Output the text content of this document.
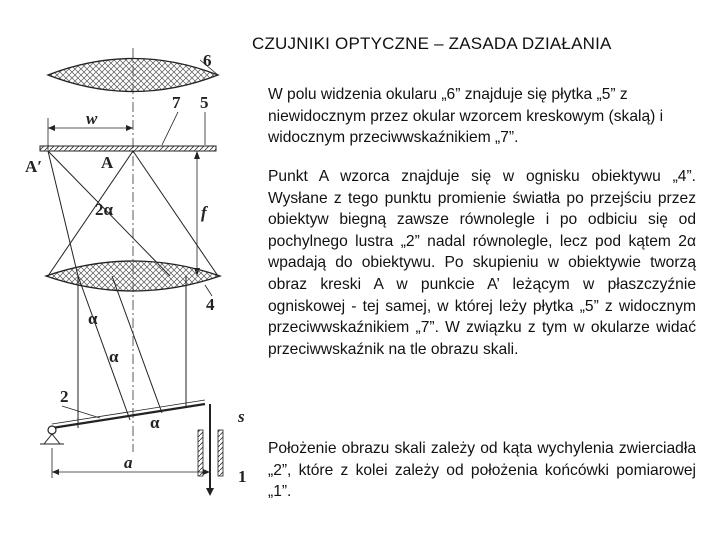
6
7 5
w
A′	A
2α	f
4
α
α
α
2
s
1
a
CZUJNIKI OPTYCZNE – ZASADA DZIAŁANIA

W polu widzenia okularu „6” znajduje się płytka „5” z niewidocznym przez okular wzorcem kreskowym (skalą) i widocznym przeciwwskaźnikiem „7”.

Punkt A wzorca znajduje się w ognisku obiektywu „4”. Wysłane z tego punktu promienie światła po przejściu przez obiektyw biegną zawsze równolegle i po odbiciu się od pochylnego lustra „2” nadal równolegle, lecz pod kątem 2α wpadają do obiektywu. Po skupieniu w obiektywie tworzą obraz kreski A w punkcie A’ leżącym w płaszczyźnie ogniskowej - tej samej, w której leży płytka „5” z widocznym przeciwwskaźnikiem „7”. W związku z tym w okularze widać przeciwwskaźnik na tle obrazu skali.

Położenie obrazu skali zależy od kąta wychylenia zwierciadła „2”, które z kolei zależy od położenia końcówki pomiarowej „1”.
